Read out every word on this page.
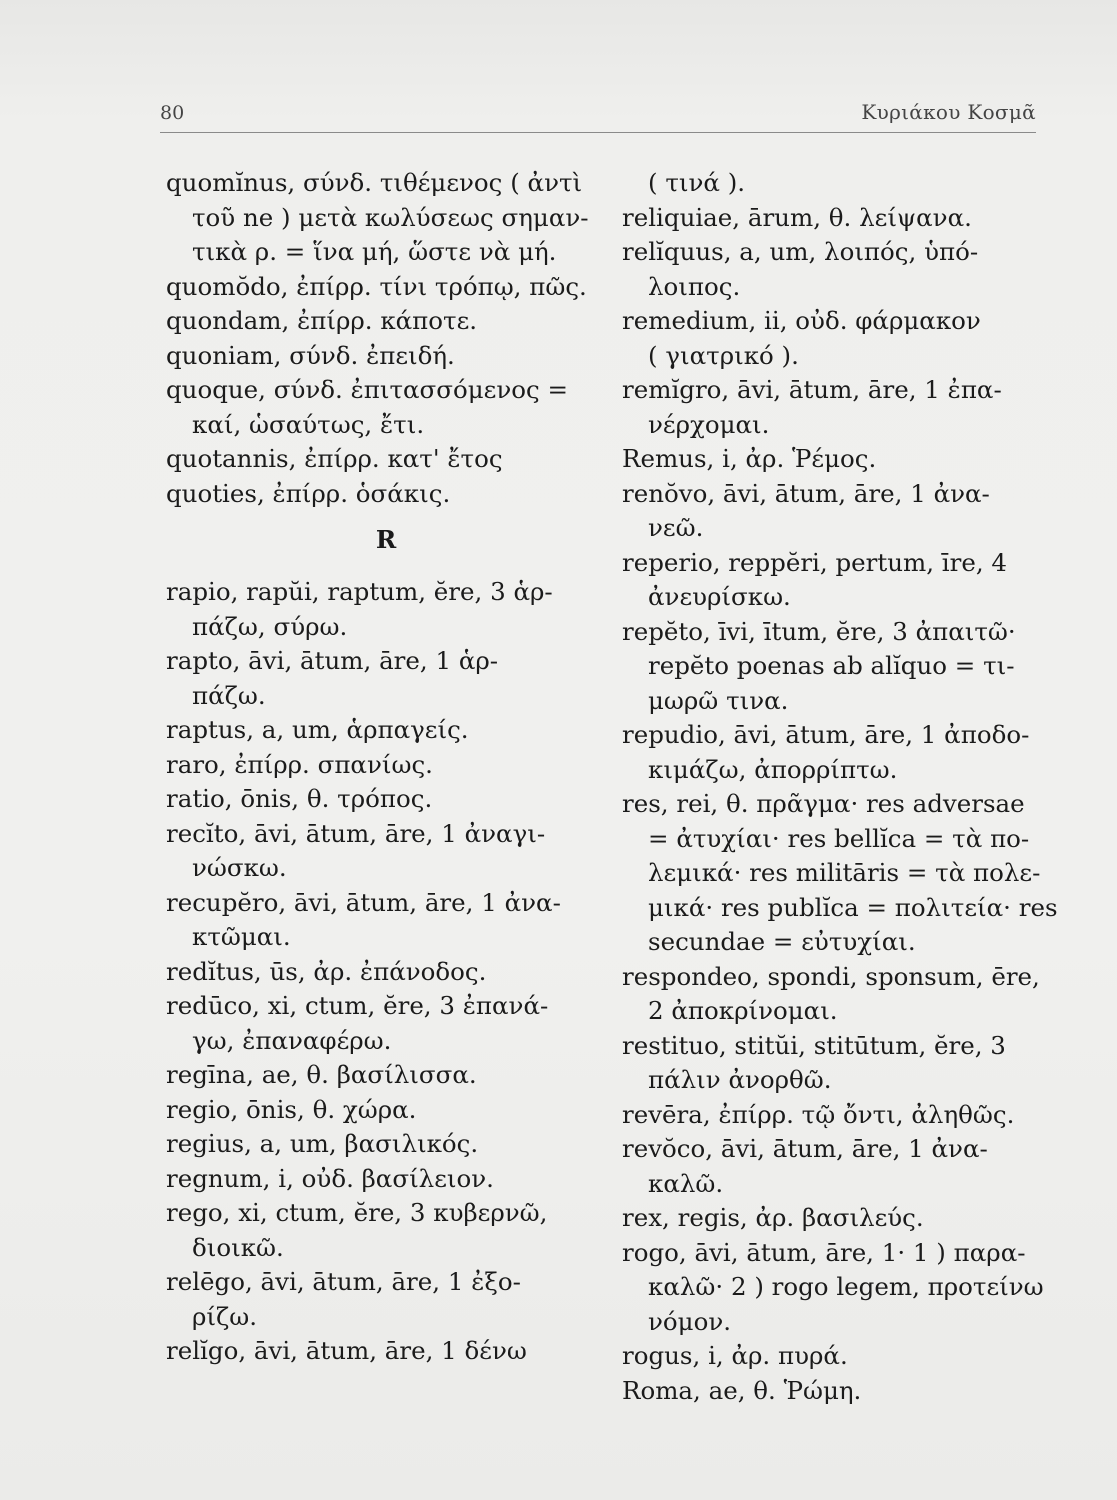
80	Κυριάκου Κοσμᾶ
quomĭnus, σύνδ. τιθέμενος ( ἀντὶ
τοῦ ne ) μετὰ κωλύσεως σημαν-
τικὰ ρ. = ἵνα μή, ὥστε νὰ μή.
quomŏdo, ἐπίρρ. τίνι τρόπῳ, πῶς.
quondam, ἐπίρρ. κάποτε.
quoniam, σύνδ. ἐπειδή.
quoque, σύνδ. ἐπιτασσόμενος =
καί, ὡσαύτως, ἔτι.
quotannis, ἐπίρρ. κατ' ἔτος
quoties, ἐπίρρ. ὁσάκις.
R
rapio, rapŭi, raptum, ĕre, 3 ἁρ-
πάζω, σύρω.
rapto, āvi, ātum, āre, 1 ἁρ-
πάζω.
raptus, a, um, ἁρπαγείς.
raro, ἐπίρρ. σπανίως.
ratio, ōnis, θ. τρόπος.
recĭto, āvi, ātum, āre, 1 ἀναγι-
νώσκω.
recupĕro, āvi, ātum, āre, 1 ἀνα-
κτῶμαι.
redĭtus, ūs, ἀρ. ἐπάνοδος.
redūco, xi, ctum, ĕre, 3 ἐπανά-
γω, ἐπαναφέρω.
regīna, ae, θ. βασίλισσα.
regio, ōnis, θ. χώρα.
regius, a, um, βασιλικός.
regnum, i, οὐδ. βασίλειον.
rego, xi, ctum, ĕre, 3 κυβερνῶ,
διοικῶ.
relēgo, āvi, ātum, āre, 1 ἐξο-
ρίζω.
relĭgo, āvi, ātum, āre, 1 δένω
( τινά ).
reliquiae, ārum, θ. λείψανα.
relĭquus, a, um, λοιπός, ὑπό-
λοιπος.
remedium, ii, οὐδ. φάρμακον
( γιατρικό ).
remĭgro, āvi, ātum, āre, 1 ἐπα-
νέρχομαι.
Remus, i, ἀρ. Ῥέμος.
renŏvo, āvi, ātum, āre, 1 ἀνα-
νεῶ.
reperio, reppĕri, pertum, īre, 4
ἀνευρίσκω.
repĕto, īvi, ītum, ĕre, 3 ἀπαιτῶ·
repĕto poenas ab alĭquo = τι-
μωρῶ τινα.
repudio, āvi, ātum, āre, 1 ἀποδο-
κιμάζω, ἀπορρίπτω.
res, rei, θ. πρᾶγμα· res adversae
= ἀτυχίαι· res bellĭca = τὰ πο-
λεμικά· res militāris = τὰ πολε-
μικά· res publĭca = πολιτεία· res
secundae = εὐτυχίαι.
respondeo, spondi, sponsum, ēre,
2 ἀποκρίνομαι.
restituo, stitŭi, stitūtum, ĕre, 3
πάλιν ἀνορθῶ.
revēra, ἐπίρρ. τῷ ὄντι, ἀληθῶς.
revŏco, āvi, ātum, āre, 1 ἀνα-
καλῶ.
rex, regis, ἀρ. βασιλεύς.
rogo, āvi, ātum, āre, 1· 1 ) παρα-
καλῶ· 2 ) rogo legem, προτείνω
νόμον.
rogus, i, ἀρ. πυρά.
Roma, ae, θ. Ῥώμη.
